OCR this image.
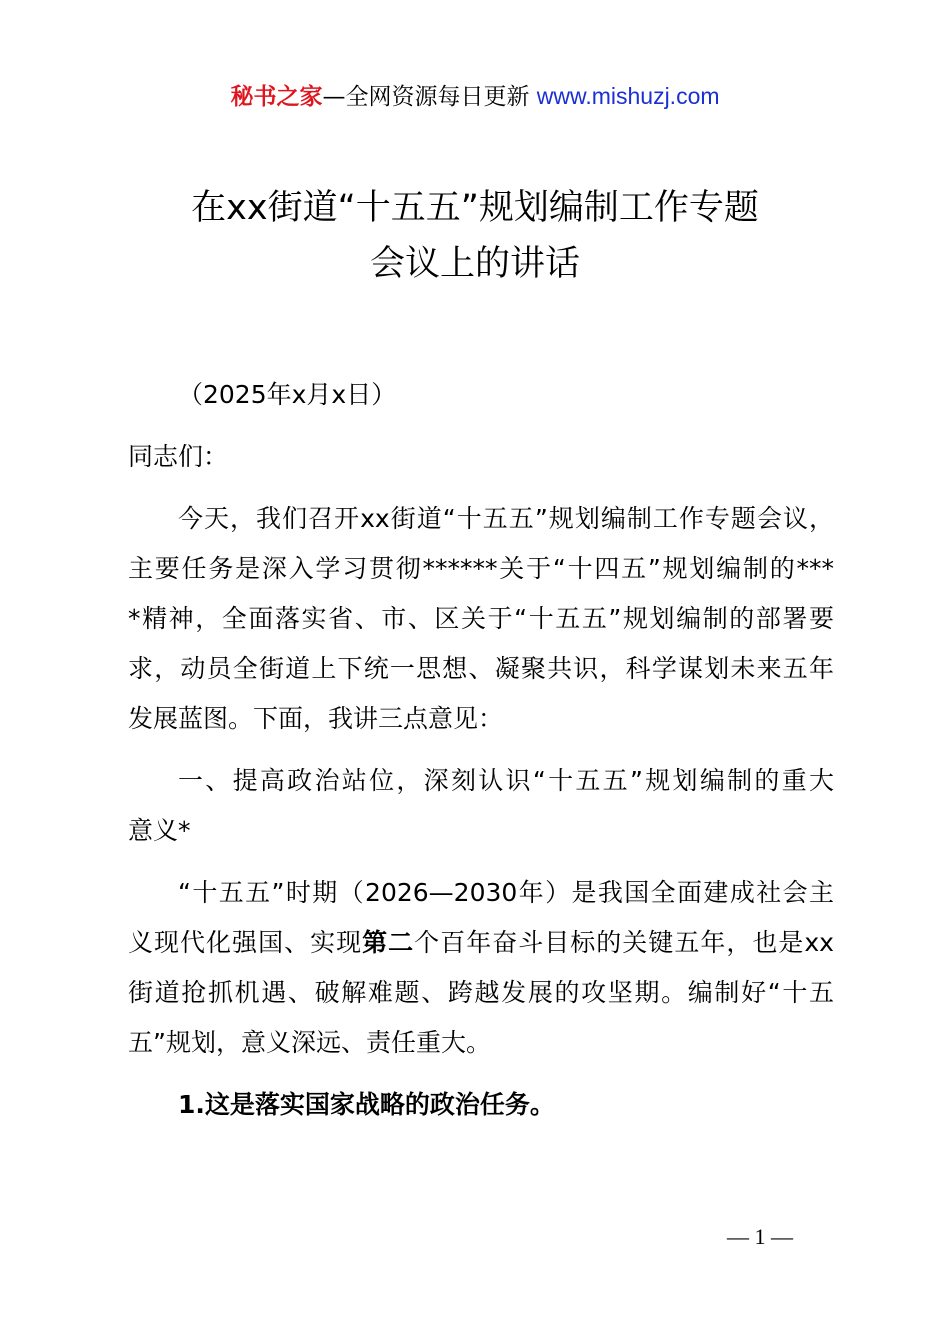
秘书之家—全网资源每日更新 www.mishuzj.com
在xx街道“十五五”规划编制工作专题
会议上的讲话
（2025年x月x日）
同志们：
今天，我们召开xx街道“十五五”规划编制工作专题会议，
主要任务是深入学习贯彻******关于“十四五”规划编制的***
*精神，全面落实省、市、区关于“十五五”规划编制的部署要
求，动员全街道上下统一思想、凝聚共识，科学谋划未来五年
发展蓝图。下面，我讲三点意见：
一、提高政治站位，深刻认识“十五五”规划编制的重大
意义*
“十五五”时期（2026—2030年）是我国全面建成社会主
义现代化强国、实现第二个百年奋斗目标的关键五年，也是xx
街道抢抓机遇、破解难题、跨越发展的攻坚期。编制好“十五
五”规划，意义深远、责任重大。
1.这是落实国家战略的政治任务。
— 1 —
